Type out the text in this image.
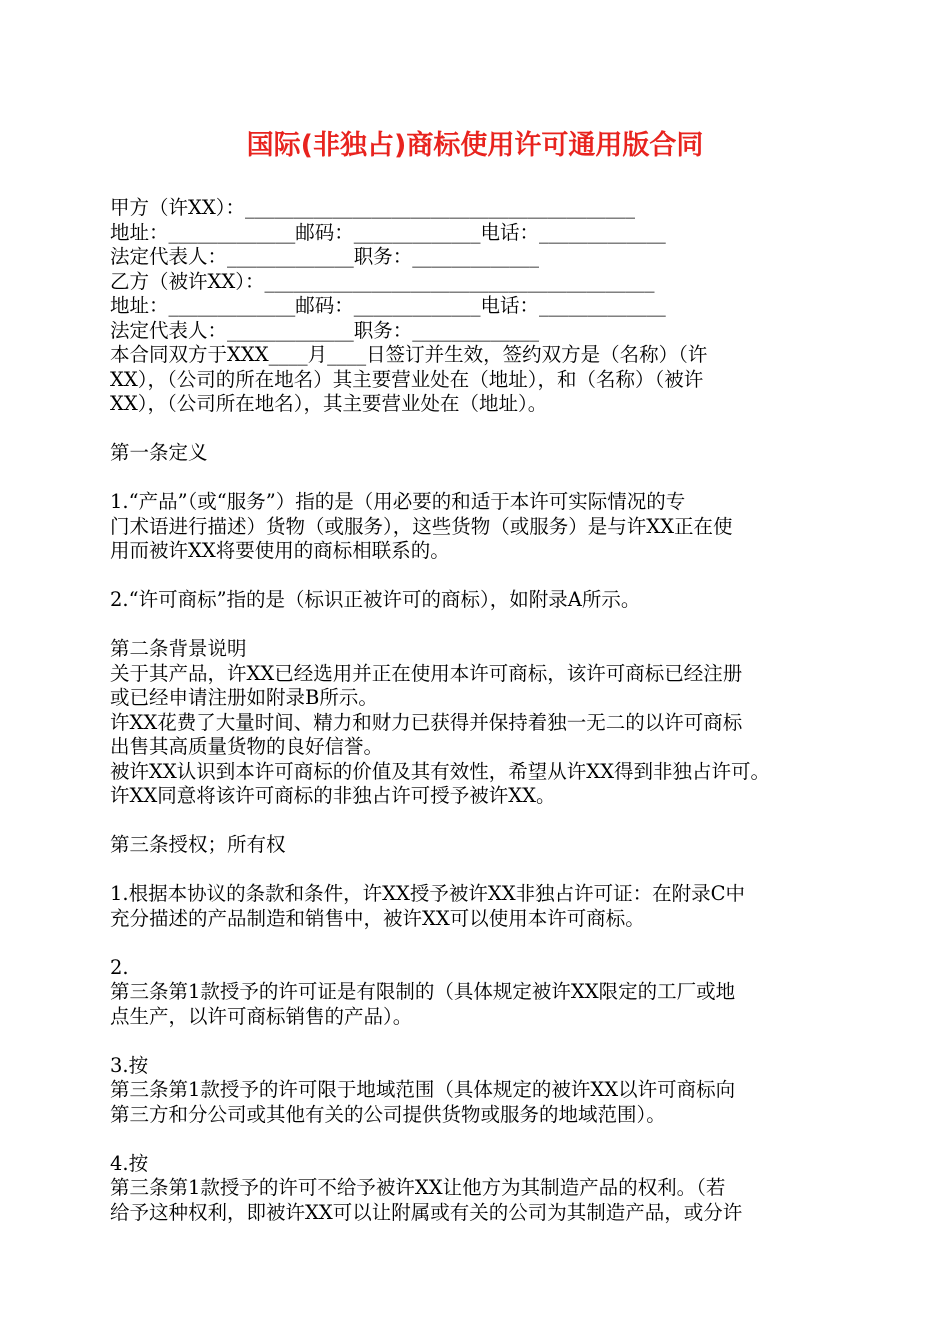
国际(非独占)商标使用许可通用版合同
甲方（许XX）：________________________________________
地址：_____________邮码：_____________电话：_____________
法定代表人：_____________职务：_____________
乙方（被许XX）：________________________________________
地址：_____________邮码：_____________电话：_____________
法定代表人：_____________职务：_____________
本合同双方于XXX____月____日签订并生效，签约双方是（名称）（许
XX），（公司的所在地名）其主要营业处在（地址），和（名称）（被许
XX），（公司所在地名），其主要营业处在（地址）。
第一条定义
1.“产品”（或“服务”）指的是（用必要的和适于本许可实际情况的专
门术语进行描述）货物（或服务），这些货物（或服务）是与许XX正在使
用而被许XX将要使用的商标相联系的。
2.“许可商标”指的是（标识正被许可的商标），如附录A所示。
第二条背景说明
关于其产品，许XX已经选用并正在使用本许可商标，该许可商标已经注册
或已经申请注册如附录B所示。
许XX花费了大量时间、精力和财力已获得并保持着独一无二的以许可商标
出售其高质量货物的良好信誉。
被许XX认识到本许可商标的价值及其有效性，希望从许XX得到非独占许可。
许XX同意将该许可商标的非独占许可授予被许XX。
第三条授权；所有权
1.根据本协议的条款和条件，许XX授予被许XX非独占许可证：在附录C中
充分描述的产品制造和销售中，被许XX可以使用本许可商标。
2.
第三条第1款授予的许可证是有限制的（具体规定被许XX限定的工厂或地
点生产，以许可商标销售的产品）。
3.按
第三条第1款授予的许可限于地域范围（具体规定的被许XX以许可商标向
第三方和分公司或其他有关的公司提供货物或服务的地域范围）。
4.按
第三条第1款授予的许可不给予被许XX让他方为其制造产品的权利。（若
给予这种权利，即被许XX可以让附属或有关的公司为其制造产品，或分许
